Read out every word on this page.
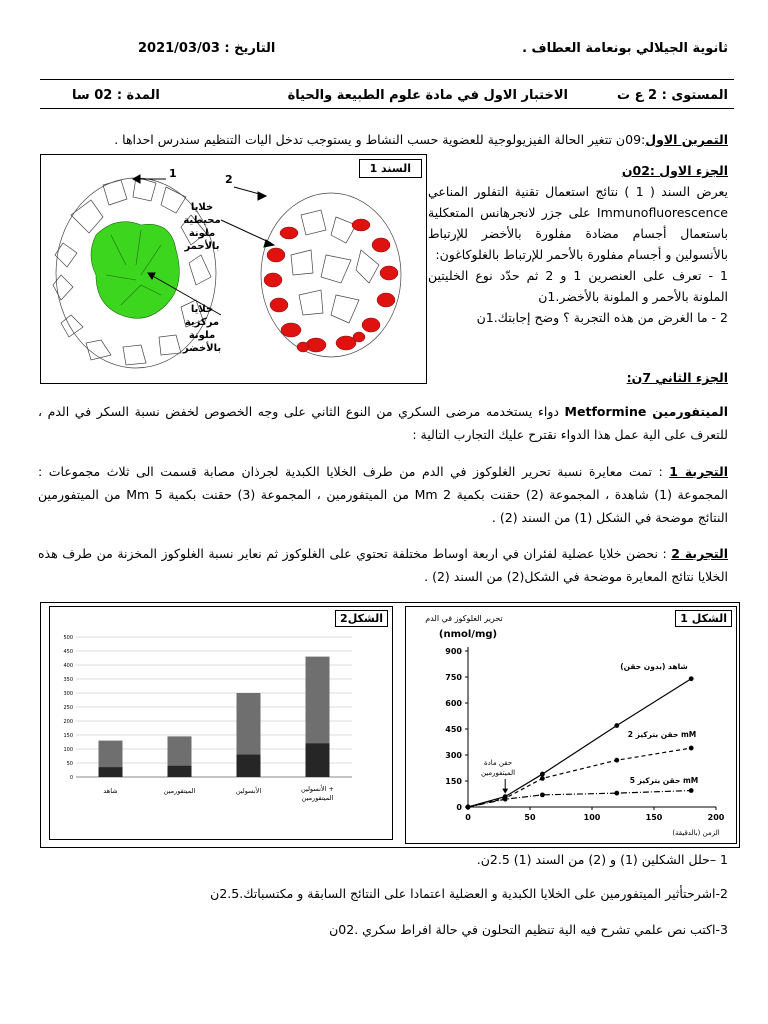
ثانوية الجيلالي بونعامة العطاف .
التاريخ : 2021/03/03
المستوى : 2 ع ت
الاختبار الاول في مادة علوم الطبيعة والحياة
المدة : 02 سا
التمرين الاول:09ن تتغير الحالة الفيزيولوجية للعضوية حسب النشاط و يستوجب تدخل اليات التنظيم سندرس احداها .
السند 1
1	2
خلايا
محيطية
ملونة
بالأحمر
خلايا
مركزية
ملونة
بالأخضر
الجزء الاول :02ن
يعرض السند ( 1 ) نتائج استعمال تقنية التفلور المناعي Immunofluorescence على جزر لانجرهانس المتعكلية باستعمال أجسام مضادة مفلورة بالأخضر للإرتباط بالأنسولين و أجسام مفلورة بالأحمر للإرتباط بالغلوكاغون:
1 - تعرف على العنصرين 1 و 2 ثم حدّد نوع الخليتين الملونة بالأحمر و الملونة بالأخضر.1ن
2 - ما الغرض من هذه التجربة ؟ وضح إجابتك.1ن
الجزء الثاني 7ن:
الميتفورمين Metformine دواء يستخدمه مرضى السكري من النوع الثاني على وجه الخصوص لخفض نسبة السكر في الدم ، للتعرف على الية عمل هذا الدواء نقترح عليك التجارب التالية :
التجربة 1 : تمت معايرة نسبة تحرير الغلوكوز في الدم من طرف الخلايا الكبدية لجرذان مصابة قسمت الى ثلاث مجموعات : المجموعة (1) شاهدة ، المجموعة (2) حقنت بكمية 2 Mm من الميتفورمين ، المجموعة (3) حقنت بكمية 5 Mm من الميتفورمين النتائج موضحة في الشكل (1) من السند (2) .
التجربة 2 : نحضن خلايا عضلية لفئران في اربعة اوساط مختلفة تحتوي على الغلوكوز ثم نعاير نسبة الغلوكوز المخزنة من طرف هذه الخلايا نتائج المعايرة موضحة في الشكل(2) من السند (2) .
الشكل2
0
50
100
150
200
250
300
350
400
450
500
شاهد	الميتفورمين	الأنسولين	الأنسولين +
الميتفورمين
الشكل 1
تحرير الغلوكوز في الدم
(nmol/mg)
0
150
300
450
600
750
900
0	50	100	150	200
الزمن (بالدقيقة)
شاهد (بدون حقن)
حقن بتركيز 2 mM
حقن بتركيز 5 mM
حقن مادة
الميتفورمين
1 –حلل الشكلين (1) و (2) من السند (1) 2.5ن.
2-اشرحتأثير الميتفورمين على الخلايا الكبدية و العضلية اعتمادا على النتائج السابقة و مكتسباتك.2.5ن
3-اكتب نص علمي تشرح فيه الية تنظيم التحلون في حالة افراط سكري .02ن
